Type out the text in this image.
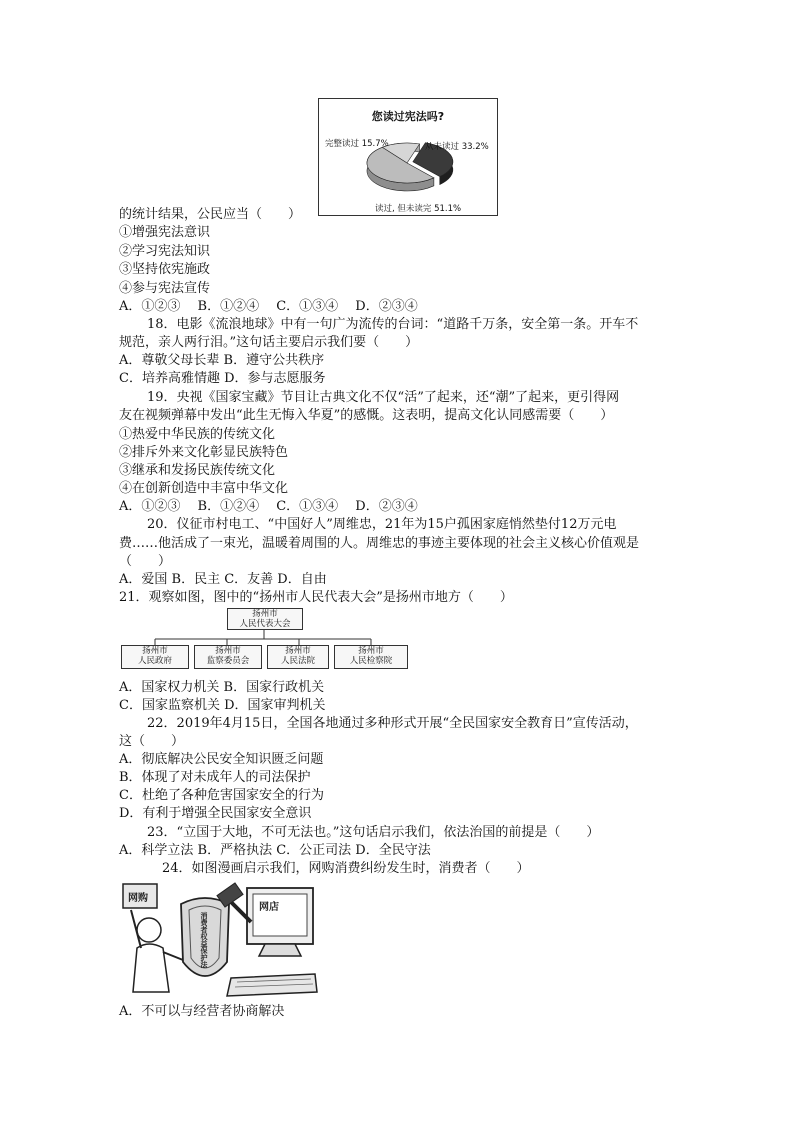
您读过宪法吗?
完整读过 15.7%	从未读过 33.2%
读过, 但未读完 51.1%
的统计结果，公民应当（　　）
①增强宪法意识
②学习宪法知识
③坚持依宪施政
④参与宪法宣传
A．①②③　 B．①②④　 C．①③④　 D．②③④
18．电影《流浪地球》中有一句广为流传的台词：“道路千万条，安全第一条。开车不
规范，亲人两行泪。”这句话主要启示我们要（　　）
A．尊敬父母长辈 B．遵守公共秩序
C．培养高雅情趣 D．参与志愿服务
19．央视《国家宝藏》节目让古典文化不仅“活”了起来，还“潮”了起来，更引得网
友在视频弹幕中发出“此生无悔入华夏”的感慨。这表明，提高文化认同感需要（　　）
①热爱中华民族的传统文化
②排斥外来文化彰显民族特色
③继承和发扬民族传统文化
④在创新创造中丰富中华文化
A．①②③　 B．①②④　 C．①③④　 D．②③④
20．仪征市村电工、“中国好人”周维忠，21年为15户孤困家庭悄然垫付12万元电
费……他活成了一束光，温暖着周围的人。周维忠的事迹主要体现的社会主义核心价值观是
（　　）
A．爱国 B．民主 C．友善 D．自由
21．观察如图，图中的“扬州市人民代表大会”是扬州市地方（　　）
扬州市
人民代表大会
扬州市
人民政府
扬州市
监察委员会
扬州市
人民法院
扬州市
人民检察院
A．国家权力机关 B．国家行政机关
C．国家监察机关 D．国家审判机关
22．2019年4月15日，全国各地通过多种形式开展“全民国家安全教育日”宣传活动，
这（　　）
A．彻底解决公民安全知识匮乏问题
B．体现了对未成年人的司法保护
C．杜绝了各种危害国家安全的行为
D．有利于增强全民国家安全意识
23．“立国于大地，不可无法也。”这句话启示我们，依法治国的前提是（　　）
A．科学立法 B．严格执法 C．公正司法 D．全民守法
24．如图漫画启示我们，网购消费纠纷发生时，消费者（　　）
网购
网店
消费者权益保护法
A．不可以与经营者协商解决
